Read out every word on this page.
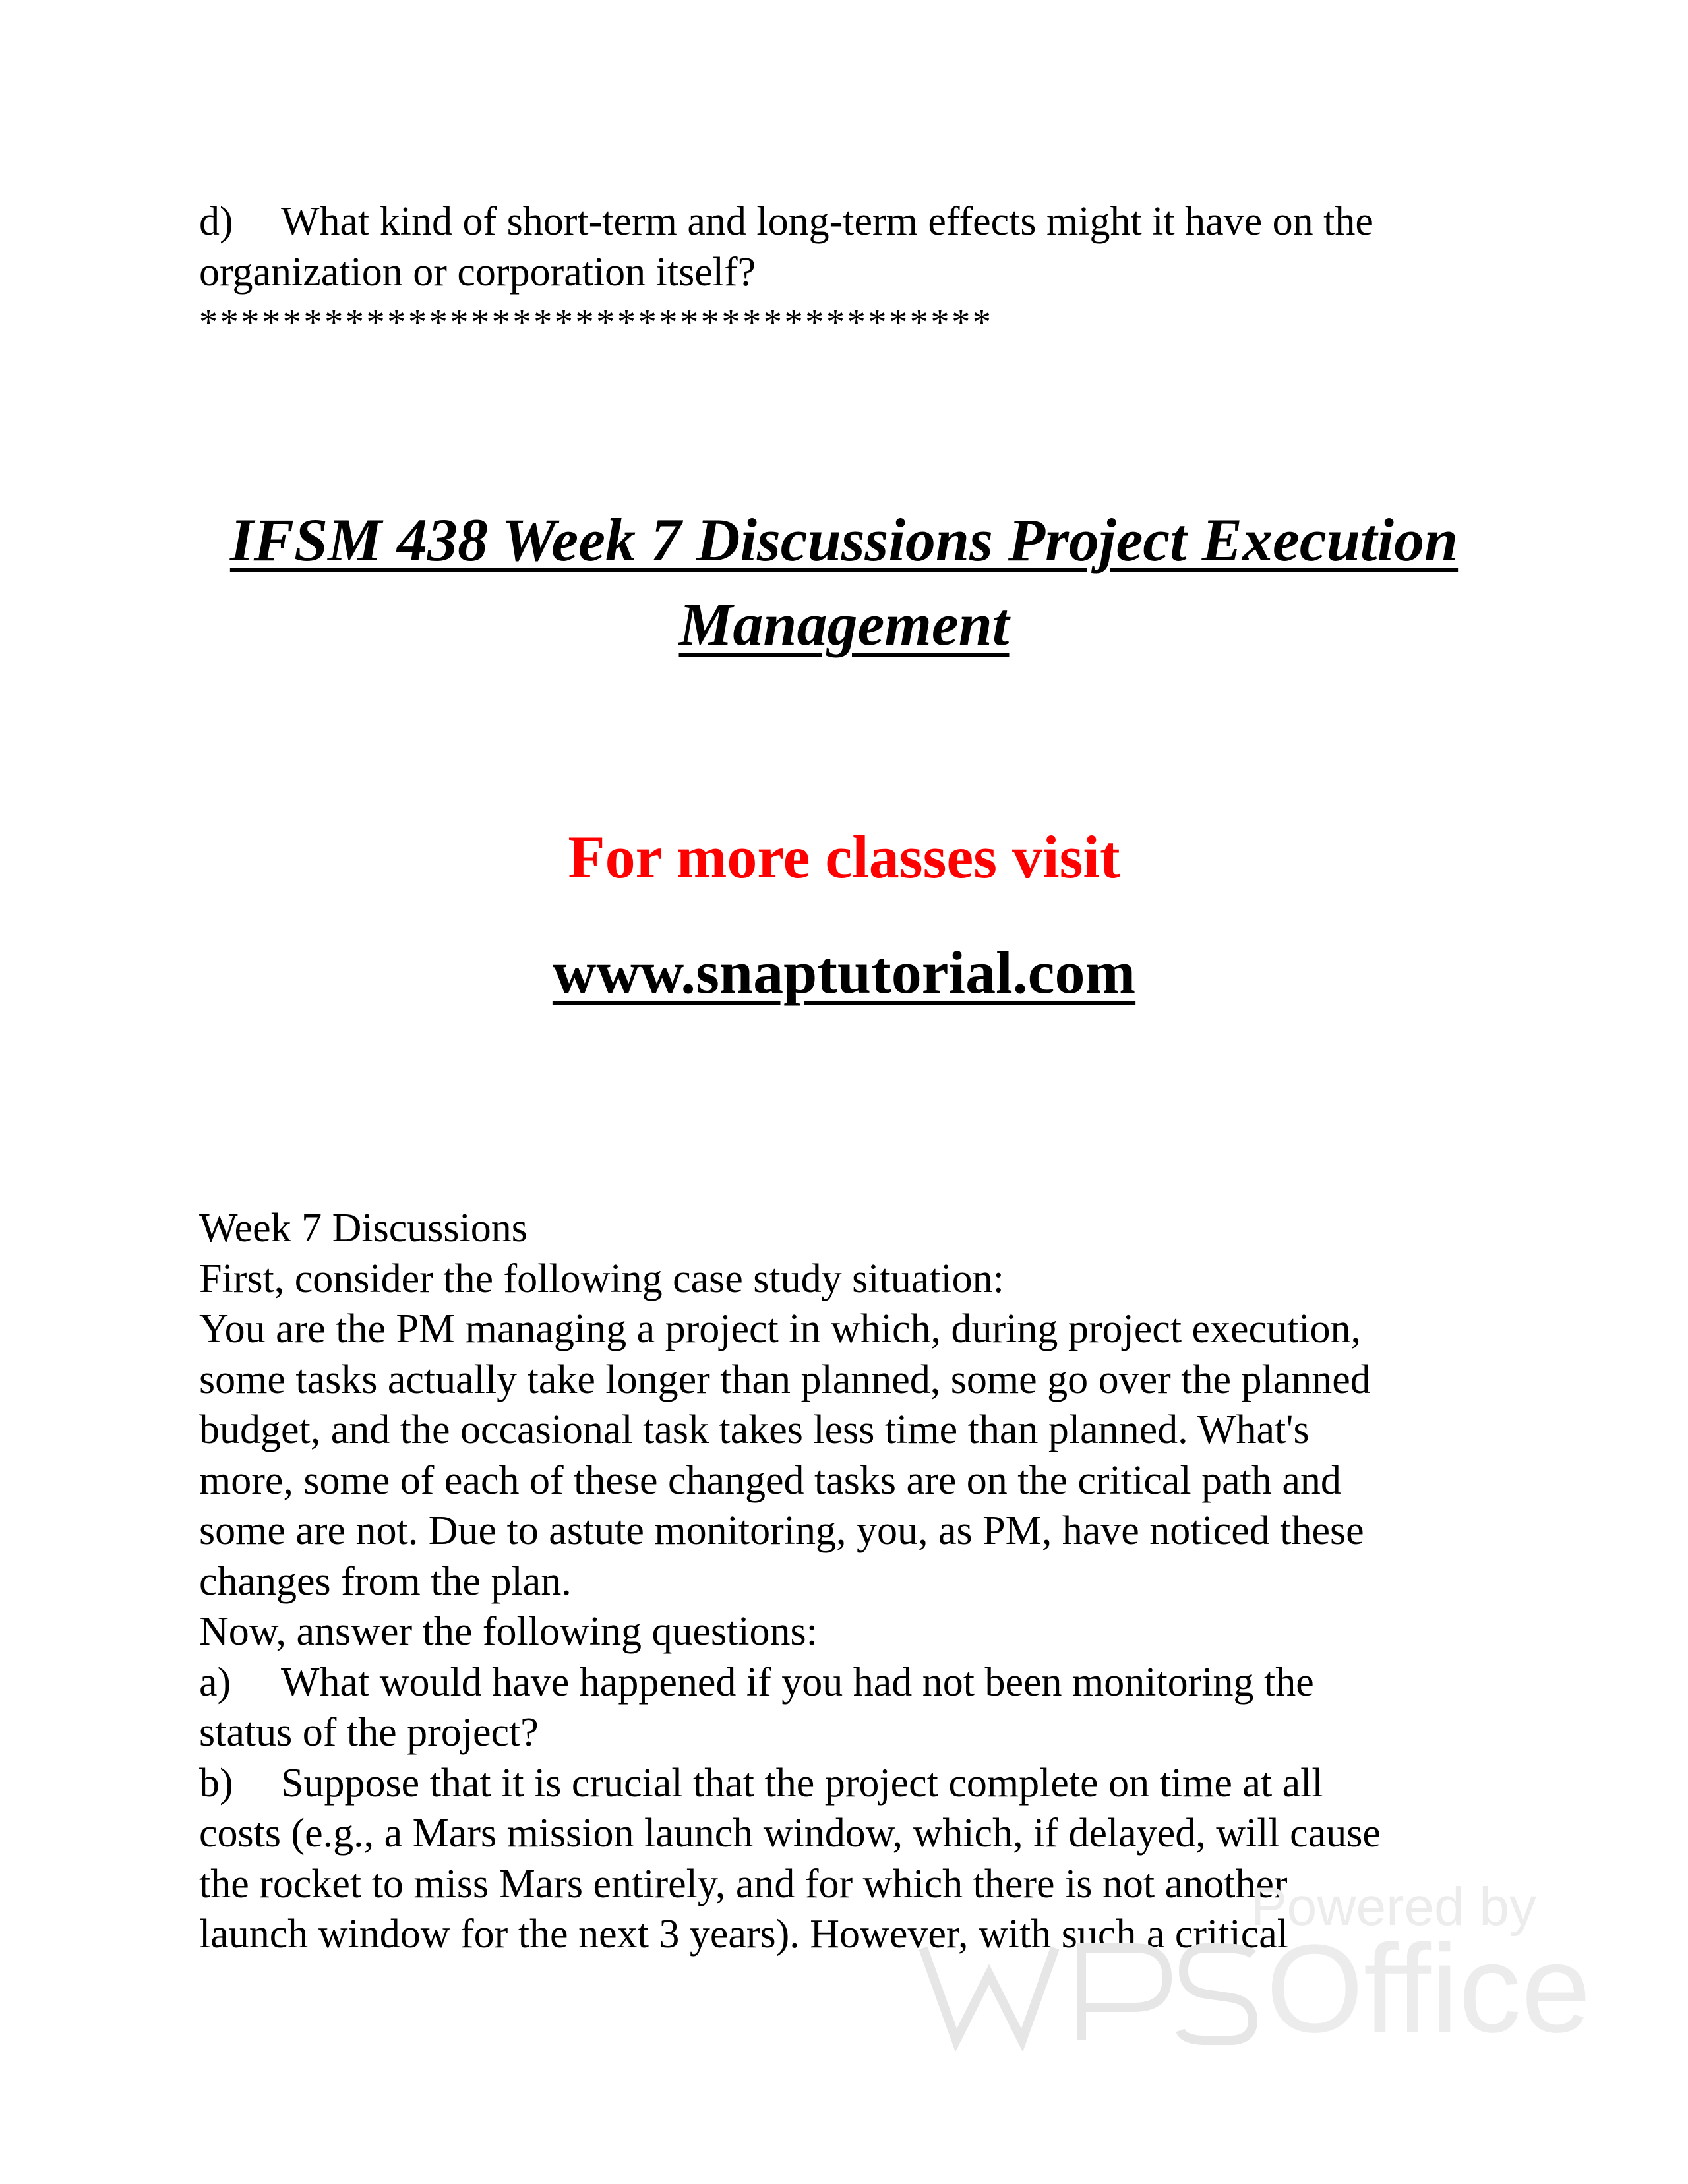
d) What kind of short-term and long-term effects might it have on the
organization or corporation itself?
**************************************
IFSM 438 Week 7 Discussions Project Execution
Management
For more classes visit
www.snaptutorial.com
Week 7 Discussions
First, consider the following case study situation:
You are the PM managing a project in which, during project execution,
some tasks actually take longer than planned, some go over the planned
budget, and the occasional task takes less time than planned. What's
more, some of each of these changed tasks are on the critical path and
some are not. Due to astute monitoring, you, as PM, have noticed these
changes from the plan.
Now, answer the following questions:
a) What would have happened if you had not been monitoring the
status of the project?
b) Suppose that it is crucial that the project complete on time at all
costs (e.g., a Mars mission launch window, which, if delayed, will cause
the rocket to miss Mars entirely, and for which there is not another
launch window for the next 3 years). However, with such a critical
Powered by
Office
